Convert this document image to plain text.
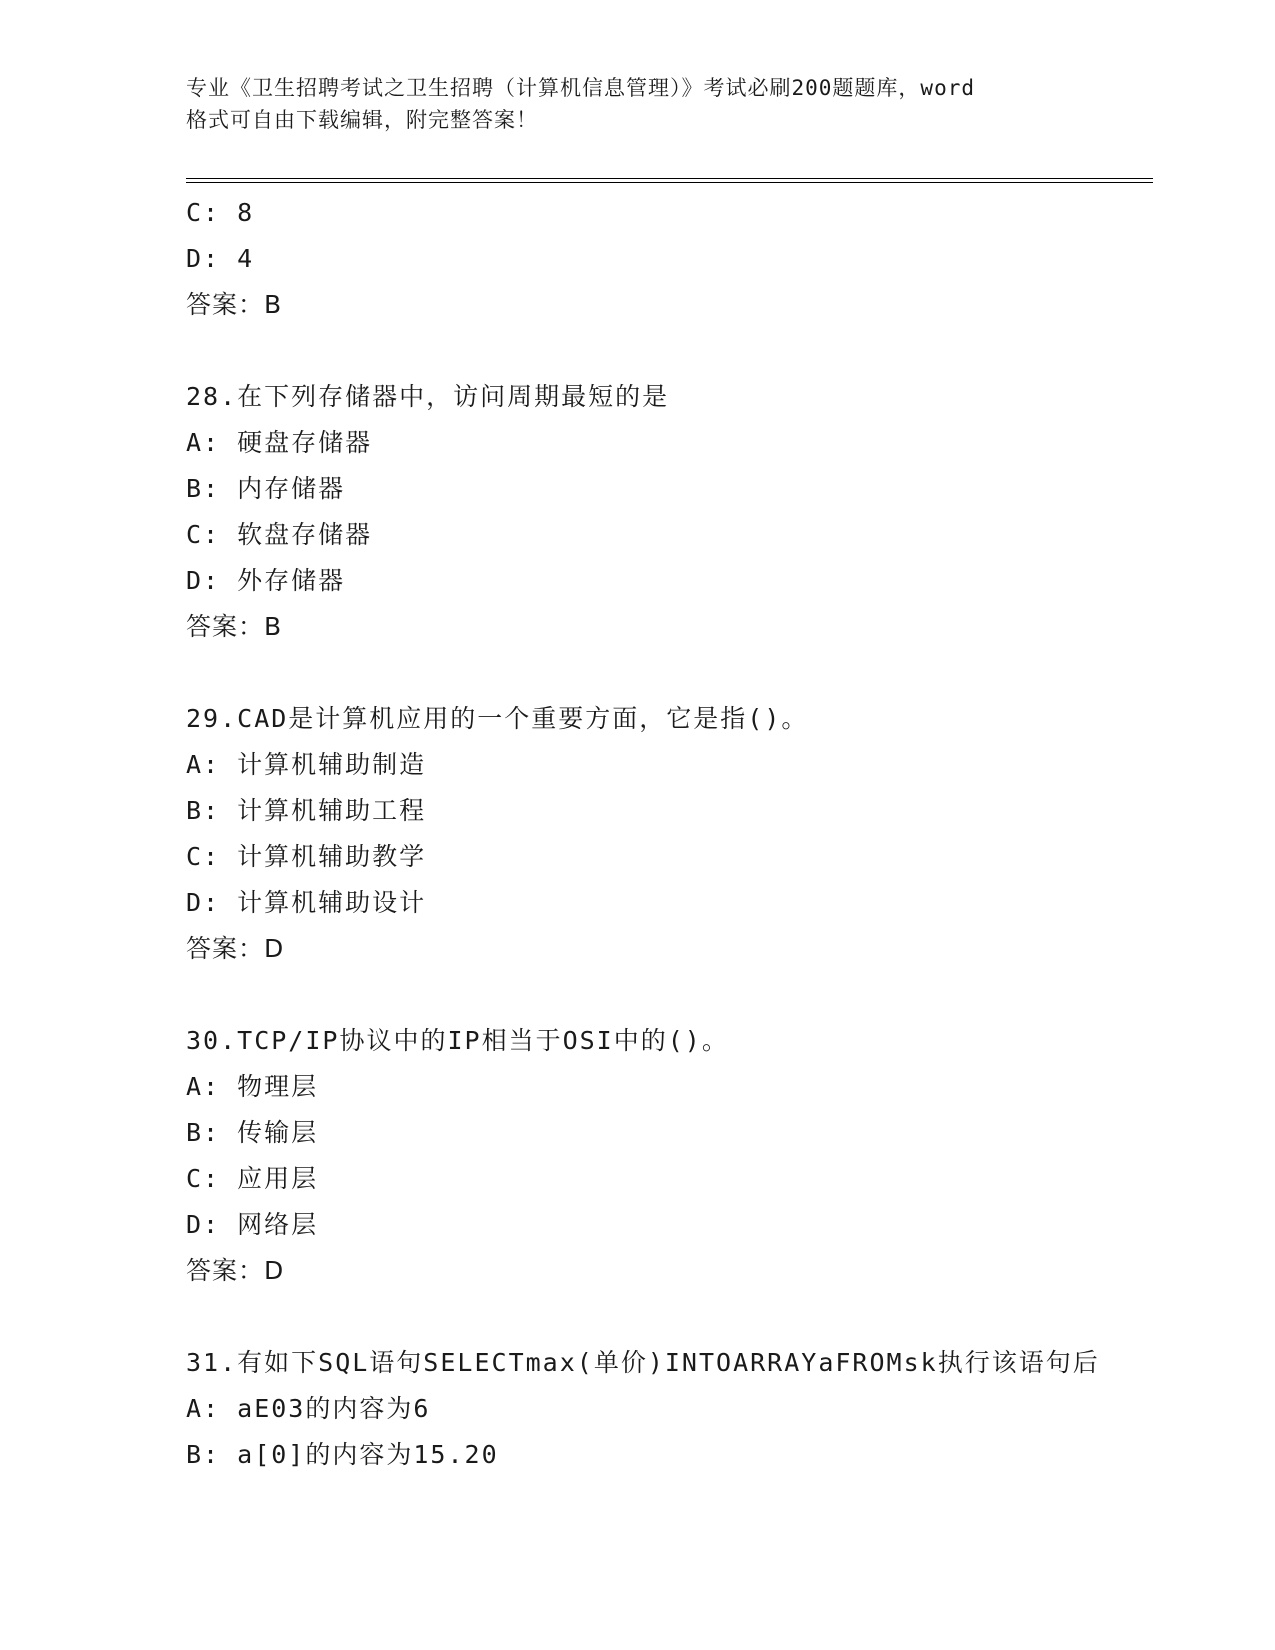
专业《卫生招聘考试之卫生招聘（计算机信息管理）》考试必刷200题题库，word
格式可自由下载编辑，附完整答案！
C: 8
D: 4
答案：B
28.在下列存储器中，访问周期最短的是
A: 硬盘存储器
B: 内存储器
C: 软盘存储器
D: 外存储器
答案：B
29.CAD是计算机应用的一个重要方面，它是指()。
A: 计算机辅助制造
B: 计算机辅助工程
C: 计算机辅助教学
D: 计算机辅助设计
答案：D
30.TCP/IP协议中的IP相当于OSI中的()。
A: 物理层
B: 传输层
C: 应用层
D: 网络层
答案：D
31.有如下SQL语句SELECTmax(单价)INTOARRAYaFROMsk执行该语句后
A: aE03的内容为6
B: a[0]的内容为15.20
